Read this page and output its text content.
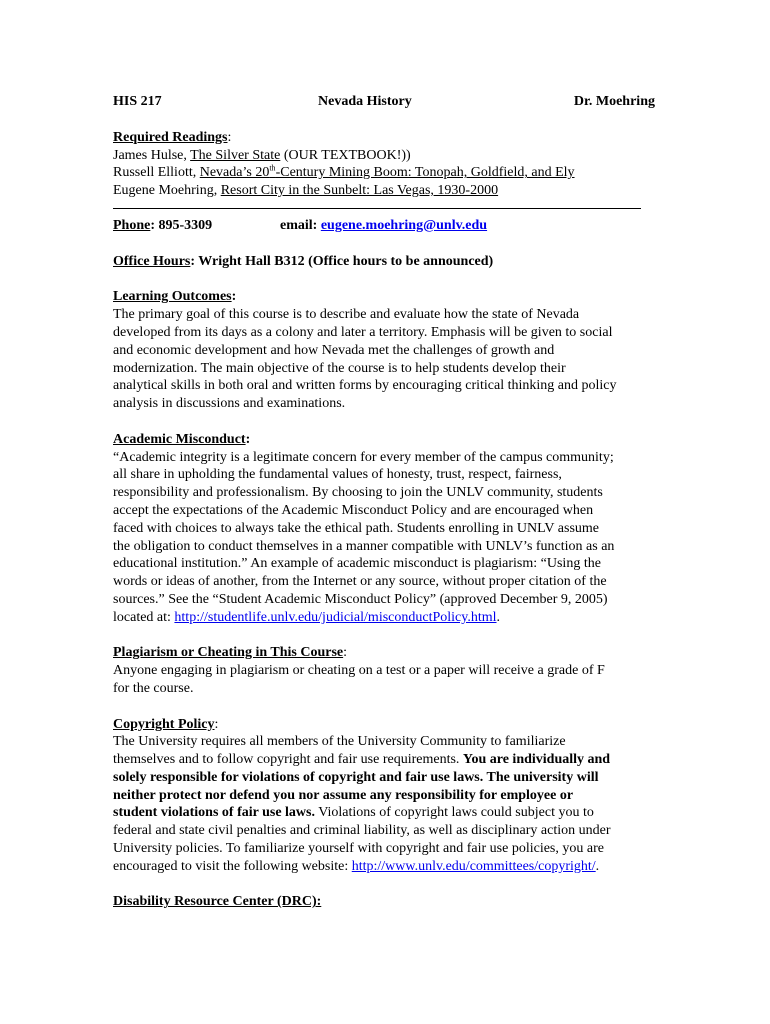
HIS 217	Nevada History	Dr. Moehring

Required Readings:

James Hulse, The Silver State (OUR TEXTBOOK!))

Russell Elliott, Nevada’s 20th-Century Mining Boom: Tonopah, Goldfield, and Ely

Eugene Moehring, Resort City in the Sunbelt: Las Vegas, 1930-2000

Phone: 895-3309	email: eugene.moehring@unlv.edu

Office Hours: Wright Hall B312 (Office hours to be announced)

Learning Outcomes:

The primary goal of this course is to describe and evaluate how the state of Nevada

developed from its days as a colony and later a territory. Emphasis will be given to social

and economic development and how Nevada met the challenges of growth and

modernization. The main objective of the course is to help students develop their

analytical skills in both oral and written forms by encouraging critical thinking and policy

analysis in discussions and examinations.

Academic Misconduct:

“Academic integrity is a legitimate concern for every member of the campus community;

all share in upholding the fundamental values of honesty, trust, respect, fairness,

responsibility and professionalism. By choosing to join the UNLV community, students

accept the expectations of the Academic Misconduct Policy and are encouraged when

faced with choices to always take the ethical path. Students enrolling in UNLV assume

the obligation to conduct themselves in a manner compatible with UNLV’s function as an

educational institution.” An example of academic misconduct is plagiarism: “Using the

words or ideas of another, from the Internet or any source, without proper citation of the

sources.” See the “Student Academic Misconduct Policy” (approved December 9, 2005)

located at: http://studentlife.unlv.edu/judicial/misconductPolicy.html.

Plagiarism or Cheating in This Course:

Anyone engaging in plagiarism or cheating on a test or a paper will receive a grade of F

for the course.

Copyright Policy:

The University requires all members of the University Community to familiarize

themselves and to follow copyright and fair use requirements. You are individually and

solely responsible for violations of copyright and fair use laws. The university will

neither protect nor defend you nor assume any responsibility for employee or

student violations of fair use laws. Violations of copyright laws could subject you to

federal and state civil penalties and criminal liability, as well as disciplinary action under

University policies. To familiarize yourself with copyright and fair use policies, you are

encouraged to visit the following website: http://www.unlv.edu/committees/copyright/.

Disability Resource Center (DRC):
